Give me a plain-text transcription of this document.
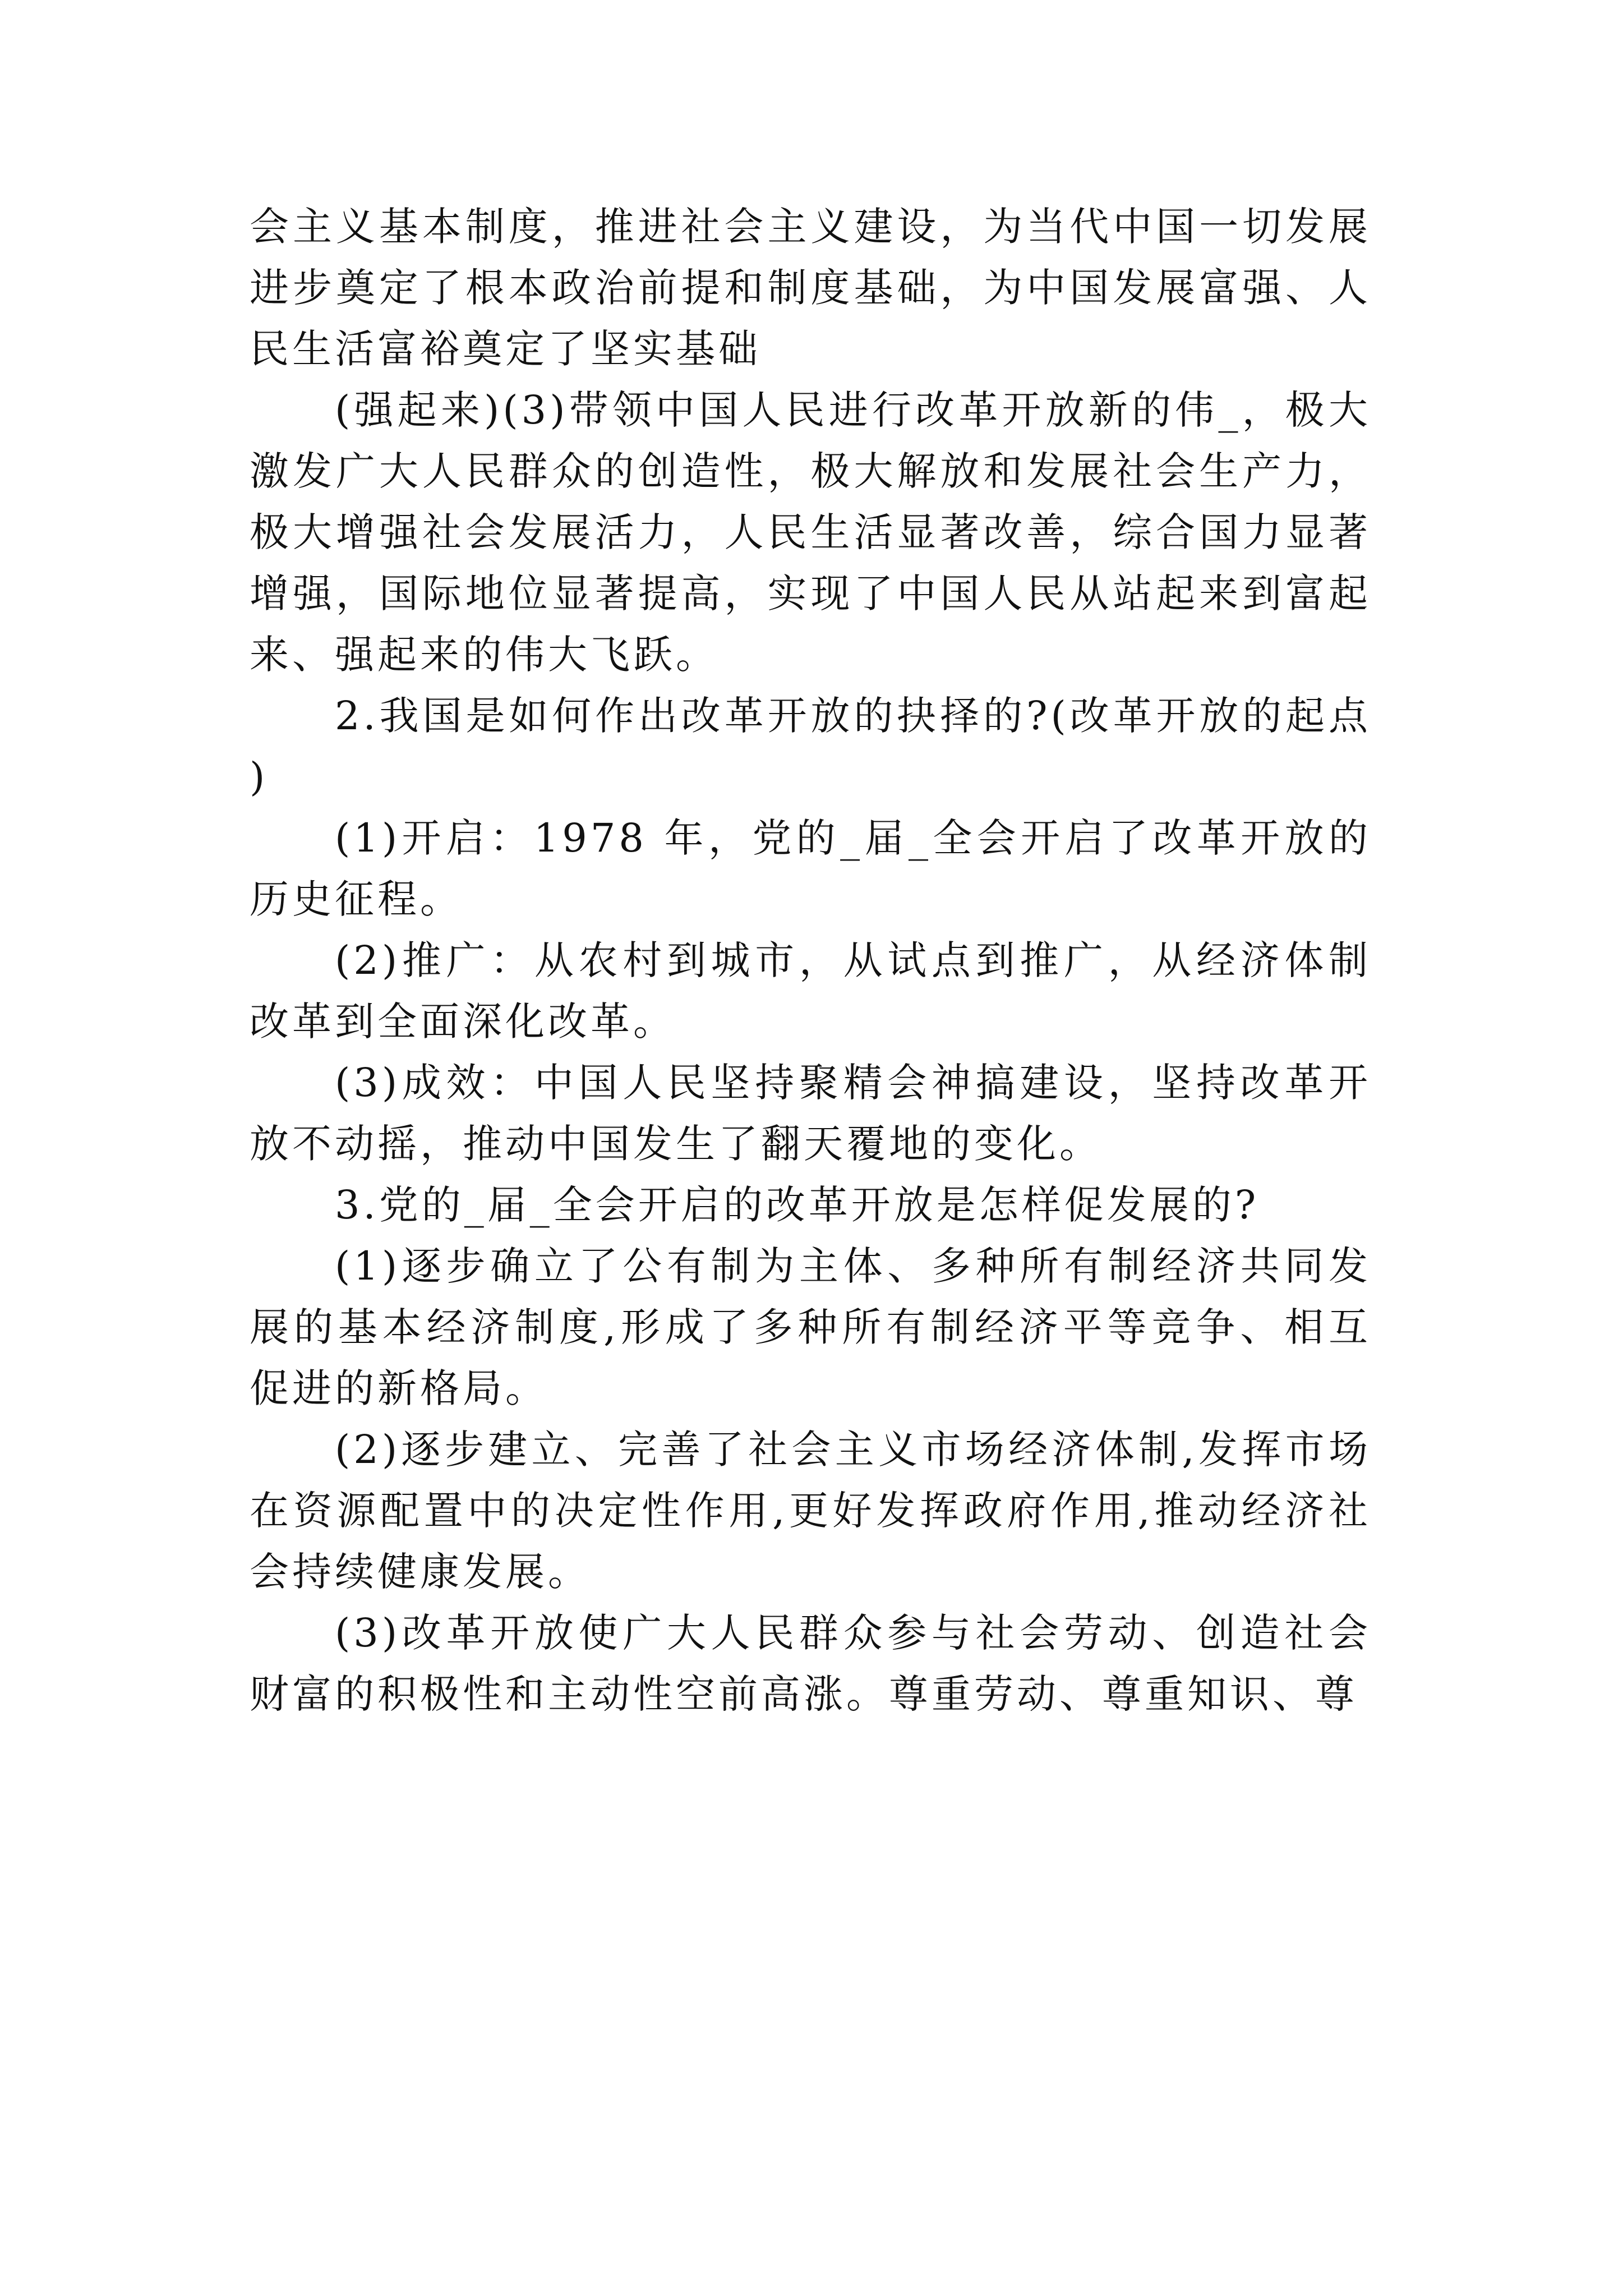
会主义基本制度，推进社会主义建设，为当代中国一切发展进步奠定了根本政治前提和制度基础，为中国发展富强、人民生活富裕奠定了坚实基础

(强起来)(3)带领中国人民进行改革开放新的伟_，极大激发广大人民群众的创造性，极大解放和发展社会生产力，极大增强社会发展活力，人民生活显著改善，综合国力显著增强，国际地位显著提高，实现了中国人民从站起来到富起来、强起来的伟大飞跃。

2.我国是如何作出改革开放的抉择的?(改革开放的起点)

(1)开启：1978 年，党的_届_全会开启了改革开放的历史征程。

(2)推广：从农村到城市，从试点到推广，从经济体制改革到全面深化改革。

(3)成效：中国人民坚持聚精会神搞建设，坚持改革开放不动摇，推动中国发生了翻天覆地的变化。

3.党的_届_全会开启的改革开放是怎样促发展的?

(1)逐步确立了公有制为主体、多种所有制经济共同发展的基本经济制度,形成了多种所有制经济平等竞争、相互促进的新格局。

(2)逐步建立、完善了社会主义市场经济体制,发挥市场在资源配置中的决定性作用,更好发挥政府作用,推动经济社会持续健康发展。

(3)改革开放使广大人民群众参与社会劳动、创造社会财富的积极性和主动性空前高涨。尊重劳动、尊重知识、尊
